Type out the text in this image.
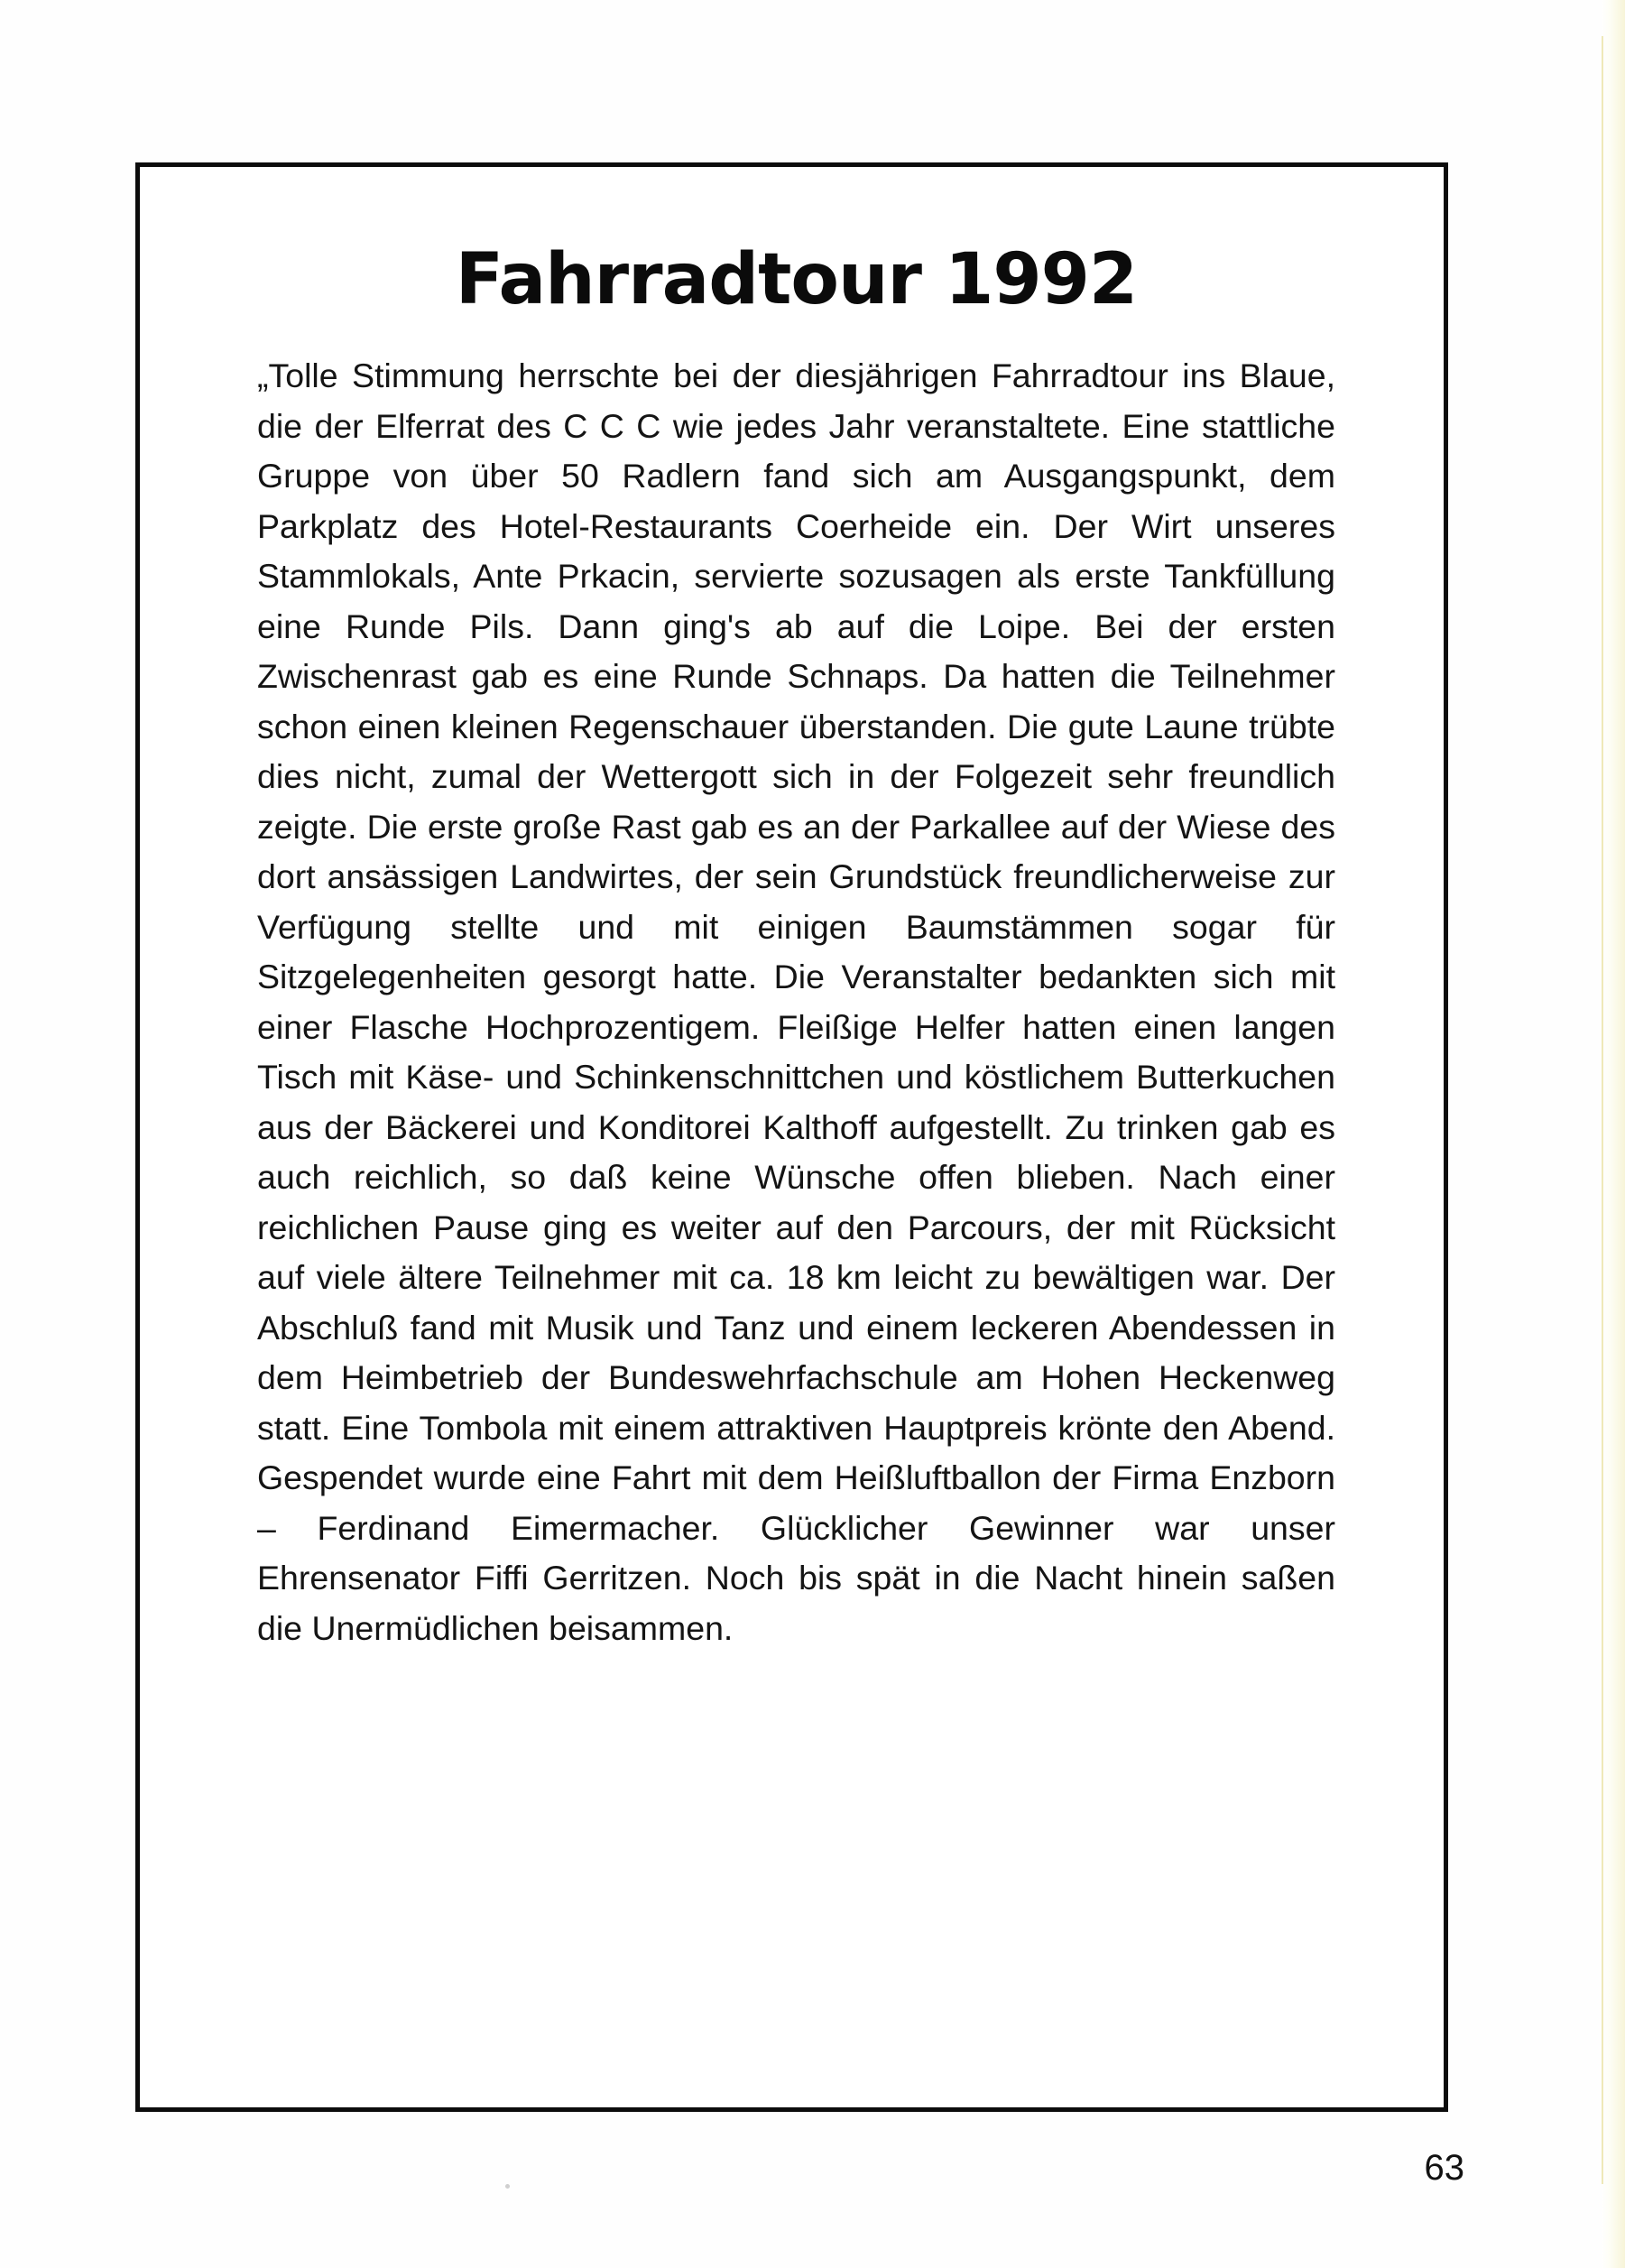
Fahrradtour 1992

„Tolle Stimmung herrschte bei der diesjährigen Fahrradtour ins Blaue, die der Elferrat des C C C wie jedes Jahr veranstaltete. Eine stattliche Gruppe von über 50 Radlern fand sich am Ausgangspunkt, dem Parkplatz des Hotel-Restaurants Coerheide ein. Der Wirt unseres Stammlokals, Ante Prkacin, servierte sozusagen als erste Tankfüllung eine Runde Pils. Dann ging's ab auf die Loipe. Bei der ersten Zwischenrast gab es eine Runde Schnaps. Da hatten die Teilnehmer schon einen kleinen Regenschauer überstanden. Die gute Laune trübte dies nicht, zumal der Wettergott sich in der Folgezeit sehr freundlich zeigte. Die erste große Rast gab es an der Parkallee auf der Wiese des dort ansässigen Landwirtes, der sein Grundstück freundlicherweise zur Verfügung stellte und mit einigen Baumstämmen sogar für Sitzgelegenheiten gesorgt hatte. Die Veranstalter bedankten sich mit einer Flasche Hochprozentigem. Fleißige Helfer hatten einen langen Tisch mit Käse- und Schinkenschnittchen und köstlichem Butterkuchen aus der Bäckerei und Konditorei Kalthoff aufgestellt. Zu trinken gab es auch reichlich, so daß keine Wünsche offen blieben. Nach einer reichlichen Pause ging es weiter auf den Parcours, der mit Rücksicht auf viele ältere Teilnehmer mit ca. 18 km leicht zu bewältigen war. Der Abschluß fand mit Musik und Tanz und einem leckeren Abendessen in dem Heimbetrieb der Bundeswehrfachschule am Hohen Heckenweg statt. Eine Tombola mit einem attraktiven Hauptpreis krönte den Abend. Gespendet wurde eine Fahrt mit dem Heißluftballon der Firma Enzborn – Ferdinand Eimermacher. Glücklicher Gewinner war unser Ehrensenator Fiffi Gerritzen. Noch bis spät in die Nacht hinein saßen die Unermüdlichen beisammen.

63
